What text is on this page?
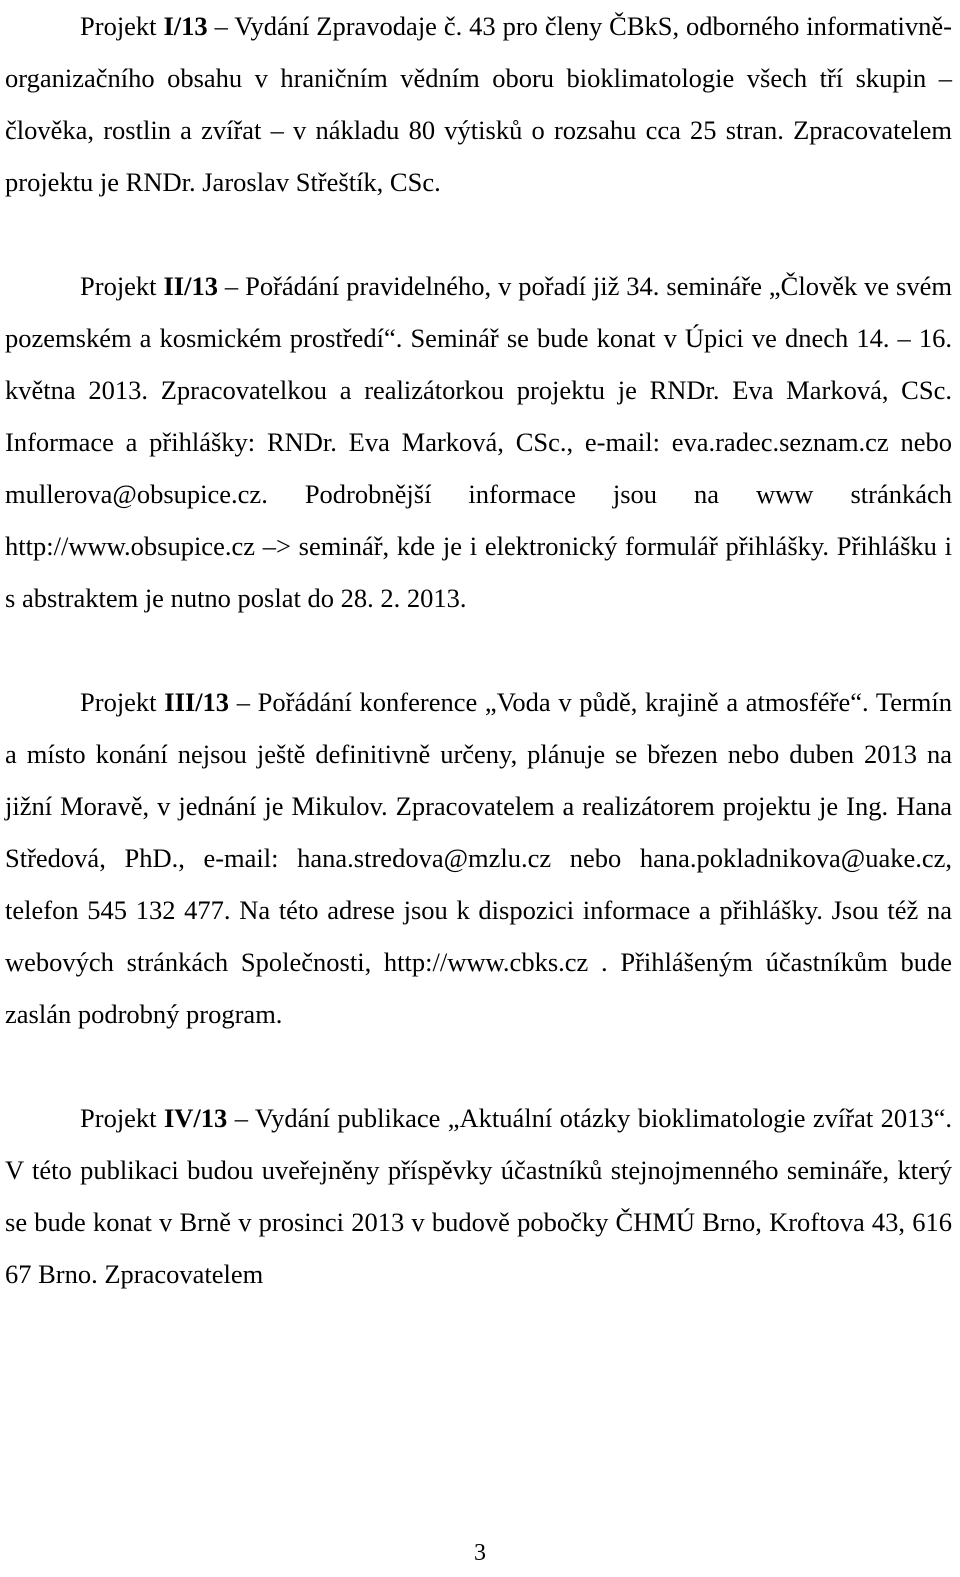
Projekt I/13 – Vydání Zpravodaje č. 43 pro členy ČBkS, odborného informativně-organizačního obsahu v hraničním vědním oboru bioklimatologie všech tří skupin – člověka, rostlin a zvířat – v nákladu 80 výtisků o rozsahu cca 25 stran. Zpracovatelem projektu je RNDr. Jaroslav Střeštík, CSc.

Projekt II/13 – Pořádání pravidelného, v pořadí již 34. semináře „Člověk ve svém pozemském a kosmickém prostředí“. Seminář se bude konat v Úpici ve dnech 14. – 16. května 2013. Zpracovatelkou a realizátorkou projektu je RNDr. Eva Marková, CSc. Informace a přihlášky: RNDr. Eva Marková, CSc., e-mail: eva.radec.seznam.cz nebo mullerova@obsupice.cz. Podrobnější informace jsou na www stránkách http://www.obsupice.cz –> seminář, kde je i elektronický formulář přihlášky. Přihlášku i s abstraktem je nutno poslat do 28. 2. 2013.

Projekt III/13 – Pořádání konference „Voda v půdě, krajině a atmosféře“. Termín a místo konání nejsou ještě definitivně určeny, plánuje se březen nebo duben 2013 na jižní Moravě, v jednání je Mikulov. Zpracovatelem a realizátorem projektu je Ing. Hana Středová, PhD., e-mail: hana.stredova@mzlu.cz nebo hana.pokladnikova@uake.cz, telefon 545 132 477. Na této adrese jsou k dispozici informace a přihlášky. Jsou též na webových stránkách Společnosti, http://www.cbks.cz . Přihlášeným účastníkům bude zaslán podrobný program.

Projekt IV/13 – Vydání publikace „Aktuální otázky bioklimatologie zvířat 2013“. V této publikaci budou uveřejněny příspěvky účastníků stejnojmenného semináře, který se bude konat v Brně v prosinci 2013 v budově pobočky ČHMÚ Brno, Kroftova 43, 616 67 Brno. Zpracovatelem

3
